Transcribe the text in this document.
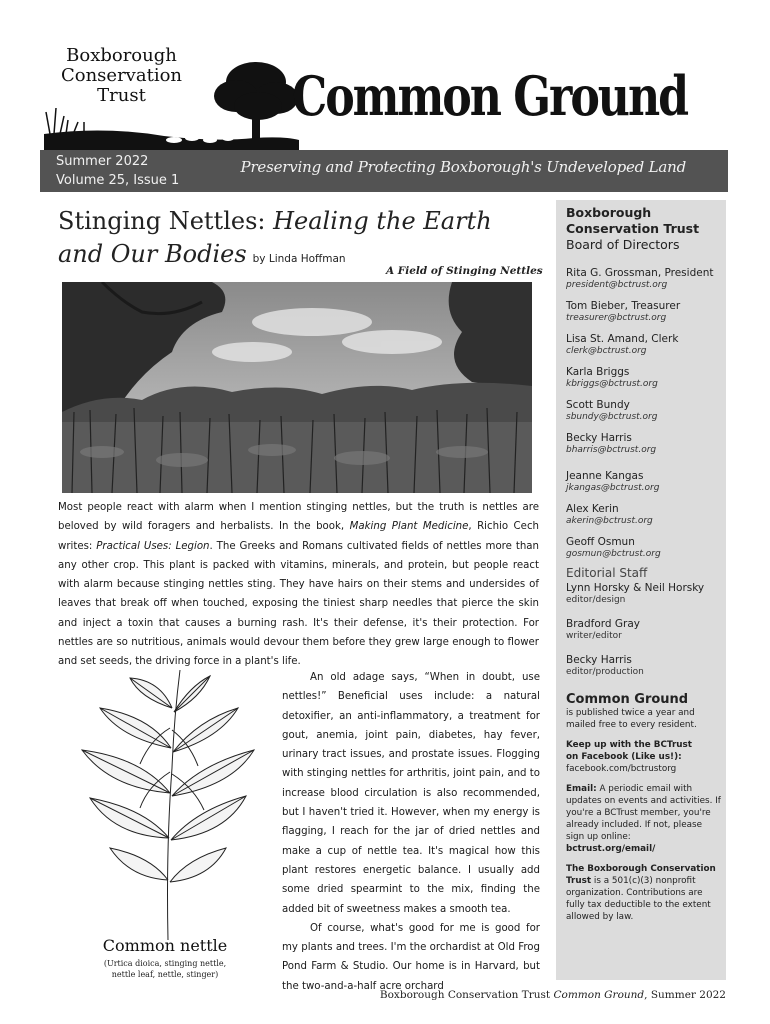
Boxborough
Conservation
Trust	Common Ground
Summer 2022
Volume 25, Issue 1
Preserving and Protecting Boxborough's Undeveloped Land
Stinging Nettles: Healing the Earth
and Our Bodies by Linda Hoffman
A Field of Stinging Nettles

Most people react with alarm when I mention stinging nettles, but the truth is nettles are beloved by wild foragers and herbalists. In the book, Making Plant Medicine, Richio Cech writes: Practical Uses: Legion. The Greeks and Romans cultivated fields of nettles more than any other crop. This plant is packed with vitamins, minerals, and protein, but people react with alarm because stinging nettles sting. They have hairs on their stems and undersides of leaves that break off when touched, exposing the tiniest sharp needles that pierce the skin and inject a toxin that causes a burning rash. It's their defense, it's their protection. For nettles are so nutritious, animals would devour them before they grew large enough to flower and set seeds, the driving force in a plant's life.

Common nettle
(Urtica dioica, stinging nettle,
nettle leaf, nettle, stinger)

An old adage says, “When in doubt, use nettles!” Beneficial uses include: a natural detoxifier, an anti-inflammatory, a treatment for gout, anemia, joint pain, diabetes, hay fever, urinary tract issues, and prostate issues. Flogging with stinging nettles for arthritis, joint pain, and to increase blood circulation is also recommended, but I haven't tried it. However, when my energy is flagging, I reach for the jar of dried nettles and make a cup of nettle tea. It's magical how this plant restores energetic balance. I usually add some dried spearmint to the mix, finding the added bit of sweetness makes a smooth tea.

Of course, what's good for me is good for my plants and trees. I'm the orchardist at Old Frog Pond Farm & Studio. Our home is in Harvard, but the two-and-a-half acre orchard

Boxborough
Conservation Trust
Board of Directors
Rita G. Grossman, President
president@bctrust.org
Tom Bieber, Treasurer
treasurer@bctrust.org
Lisa St. Amand, Clerk
clerk@bctrust.org
Karla Briggs
kbriggs@bctrust.org
Scott Bundy
sbundy@bctrust.org
Becky Harris
bharris@bctrust.org
Jeanne Kangas
jkangas@bctrust.org
Alex Kerin
akerin@bctrust.org
Geoff Osmun
gosmun@bctrust.org
Editorial Staff
Lynn Horsky & Neil Horsky
editor/design
Bradford Gray
writer/editor
Becky Harris
editor/production
Common Ground
is published twice a year and mailed free to every resident.
Keep up with the BCTrust
on Facebook (Like us!):
facebook.com/bctrustorg
Email: A periodic email with updates on events and activities. If you're a BCTrust member, you're already included. If not, please sign up online:
bctrust.org/email/
The Boxborough Conservation Trust is a 501(c)(3) nonprofit organization. Contributions are fully tax deductible to the extent allowed by law.
Boxborough Conservation Trust Common Ground, Summer 2022
